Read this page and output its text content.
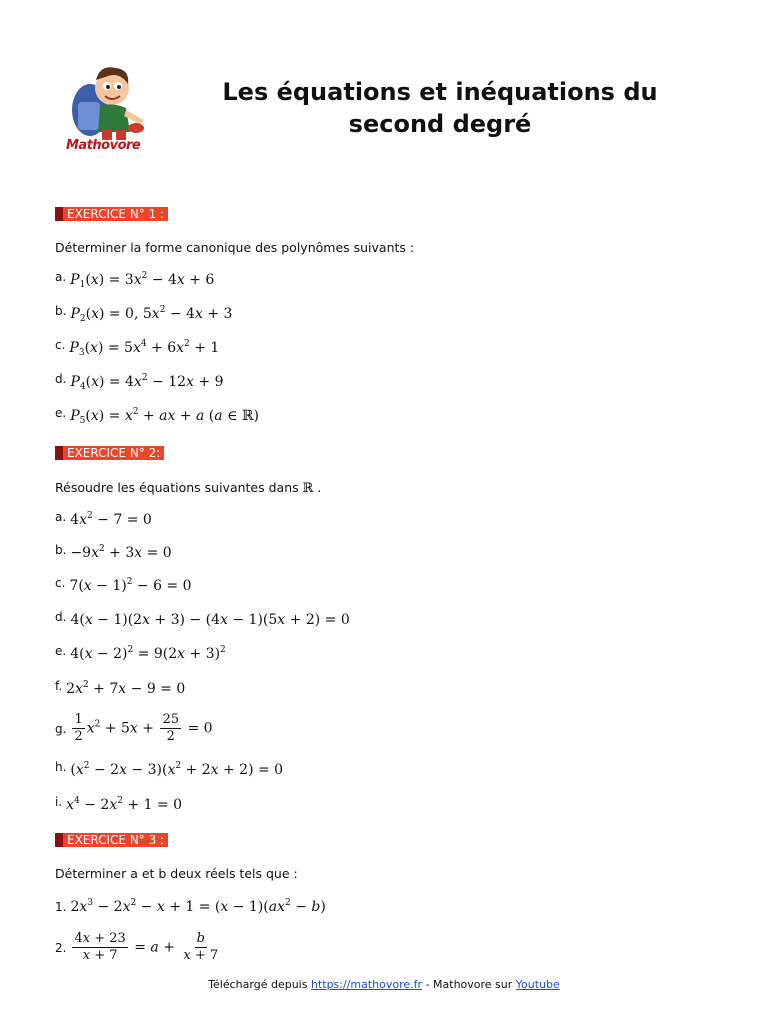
Mathovore
Les équations et inéquations du
second degré
EXERCICE N° 1 :
Déterminer la forme canonique des polynômes suivants :
a. $P_1(x) = 3x^2 - 4x + 6$
b. $P_2(x) = 0$, $5x^2 - 4x + 3$
c. $P_3(x) = 5x^4 + 6x^2 + 1$
d. $P_4(x) = 4x^2 - 12x + 9$
e. $P_5(x) = x^2$ + ax + a (a ∈ ℝ)
EXERCICE N° 2:
Résoudre les équations suivantes dans ℝ .
a. $4x^2 - 7 = 0$
b. $-9x^2 + 3x = 0$
c. $7(x - 1)^2 - 6 = 0$
d. 4(x − 1)(2x + 3) − (4x − 1)(5x + 2) = 0
e. $4(x - 2)^2 = 9(2x + 3)^2$
f. $2x^2 + 7x - 9 = 0$
g. $\frac{1}{2} x^2 + 5x + \frac{25}{2} = 0$
h. $(x^2 - 2x - 3)(x^2 + 2x + 2) = 0$
i. $x^4 - 2x^2 + 1 = 0$
EXERCICE N° 3 :
Déterminer a et b deux réels tels que :
1. $2x^3 - 2x^2 - x + 1 = (x - 1)(ax^2 - b)$
2. $\frac{4x + 23}{x + 7} = a + \frac{b}{x + 7}$
Téléchargé depuis https://mathovore.fr - Mathovore sur Youtube
